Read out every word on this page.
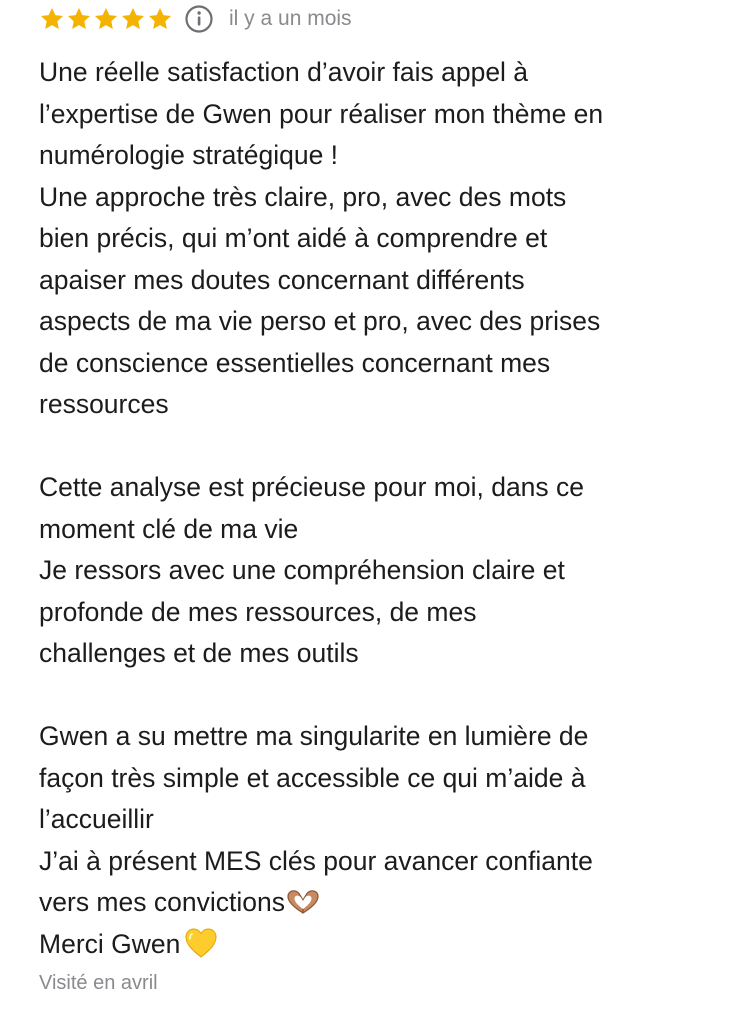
il y a un mois
Une réelle satisfaction d’avoir fais appel à
l’expertise de Gwen pour réaliser mon thème en
numérologie stratégique !
Une approche très claire, pro, avec des mots
bien précis, qui m’ont aidé à comprendre et
apaiser mes doutes concernant différents
aspects de ma vie perso et pro, avec des prises
de conscience essentielles concernant mes
ressources
Cette analyse est précieuse pour moi, dans ce
moment clé de ma vie
Je ressors avec une compréhension claire et
profonde de mes ressources, de mes
challenges et de mes outils
Gwen a su mettre ma singularite en lumière de
façon très simple et accessible ce qui m’aide à
l’accueillir
J’ai à présent MES clés pour avancer confiante
vers mes convictions
Merci Gwen
Visité en avril
